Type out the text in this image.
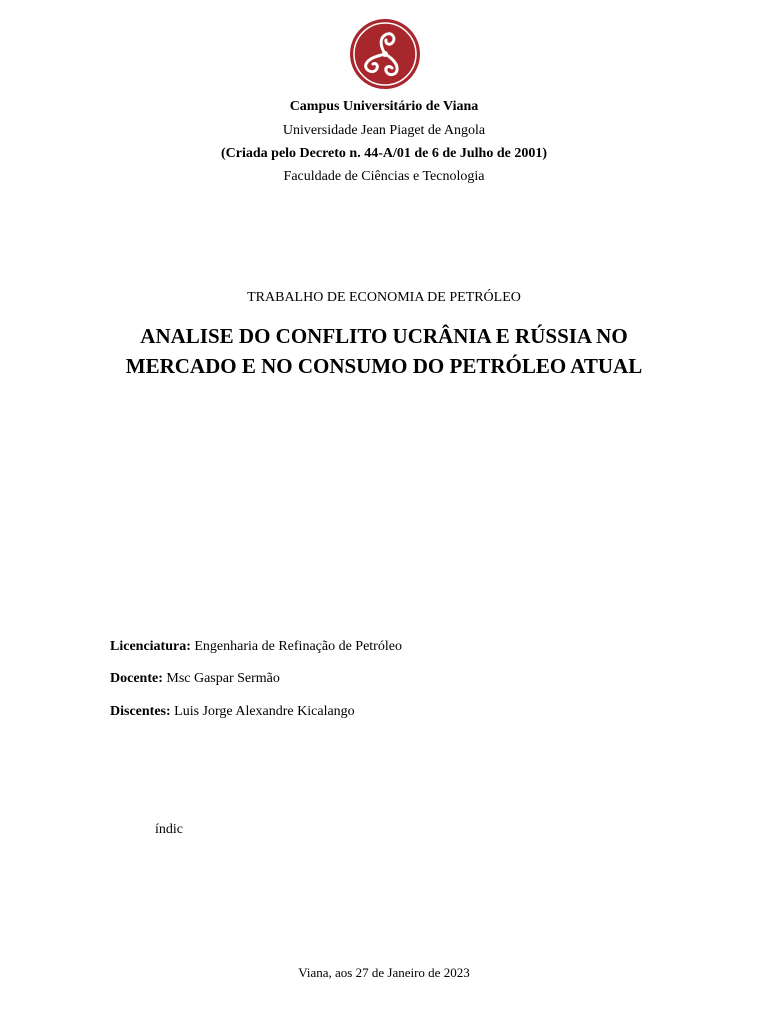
Campus Universitário de Viana
Universidade Jean Piaget de Angola
(Criada pelo Decreto n. 44-A/01 de 6 de Julho de 2001)
Faculdade de Ciências e Tecnologia
TRABALHO DE ECONOMIA DE PETRÓLEO
ANALISE DO CONFLITO UCRÂNIA E RÚSSIA NO
MERCADO E NO CONSUMO DO PETRÓLEO ATUAL
Licenciatura: Engenharia de Refinação de Petróleo
Docente: Msc Gaspar Sermão
Discentes: Luis Jorge Alexandre Kicalango
índic
Viana, aos 27 de Janeiro de 2023
